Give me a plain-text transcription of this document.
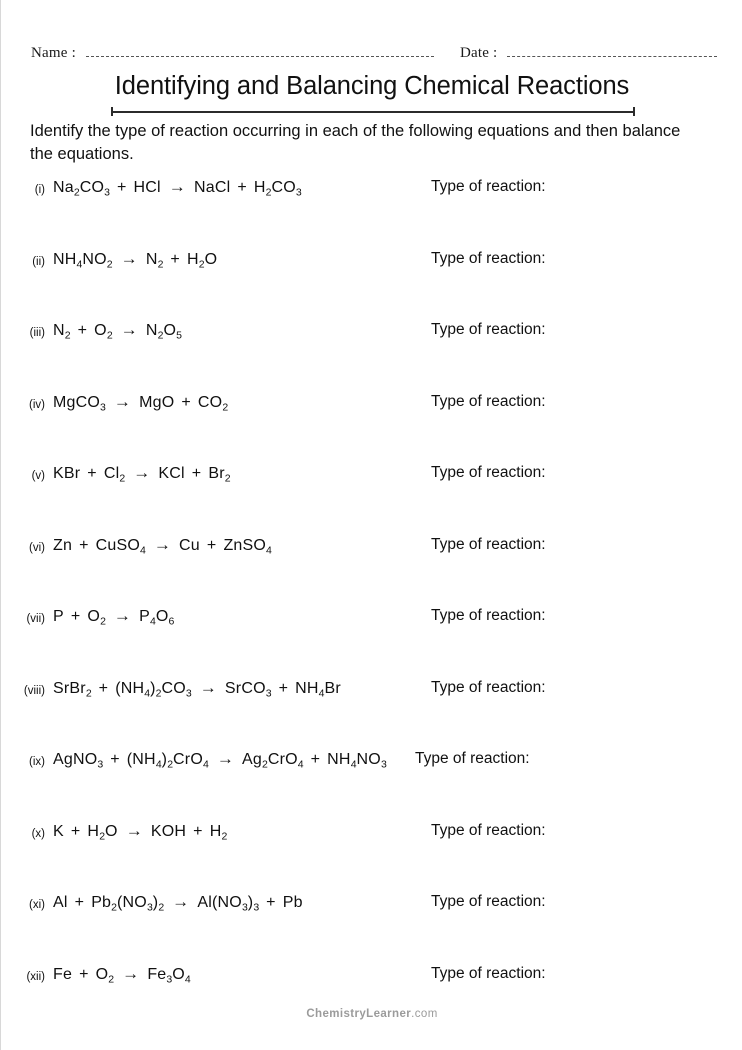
Name :	Date :
Identifying and Balancing Chemical Reactions
Identify the type of reaction occurring in each of the following equations and then balance the equations.
(i) $Na_2CO_3$ + HCl → NaCl + $H_2CO_3$	Type of reaction:
(ii) $NH_4NO_2 \to N_2 + H_2O$	Type of reaction:
(iii) $N_2 + O_2 \to N_2O_5$	Type of reaction:
(iv) MgCO$_3$ → MgO + $CO_2$	Type of reaction:
(v) KBr + $Cl_2$ → KCl + $Br_2$	Type of reaction:
(vi) Zn + CuSO$_4$ → Cu + ZnSO$_4$	Type of reaction:
(vii) $P + O_2 \to P_4O_6$	Type of reaction:
(viii) SrBr$_2$ + $(NH_4)_2CO_3$ → SrCO$_3$ + $NH_4Br$	Type of reaction:
(ix) AgNO$_3$ + $(NH_4)_2CrO_4 \to Ag_2CrO_4 + NH_4NO_3$	Type of reaction:
(x) $K + H_2O$ → KOH + $H_2$	Type of reaction:
(xi) $Al + Pb_2(NO_3)_2 \to Al(NO_3)_3 + Pb$	Type of reaction:
(xii) $Fe + O_2 \to Fe_3O_4$	Type of reaction:
ChemistryLearner.com
